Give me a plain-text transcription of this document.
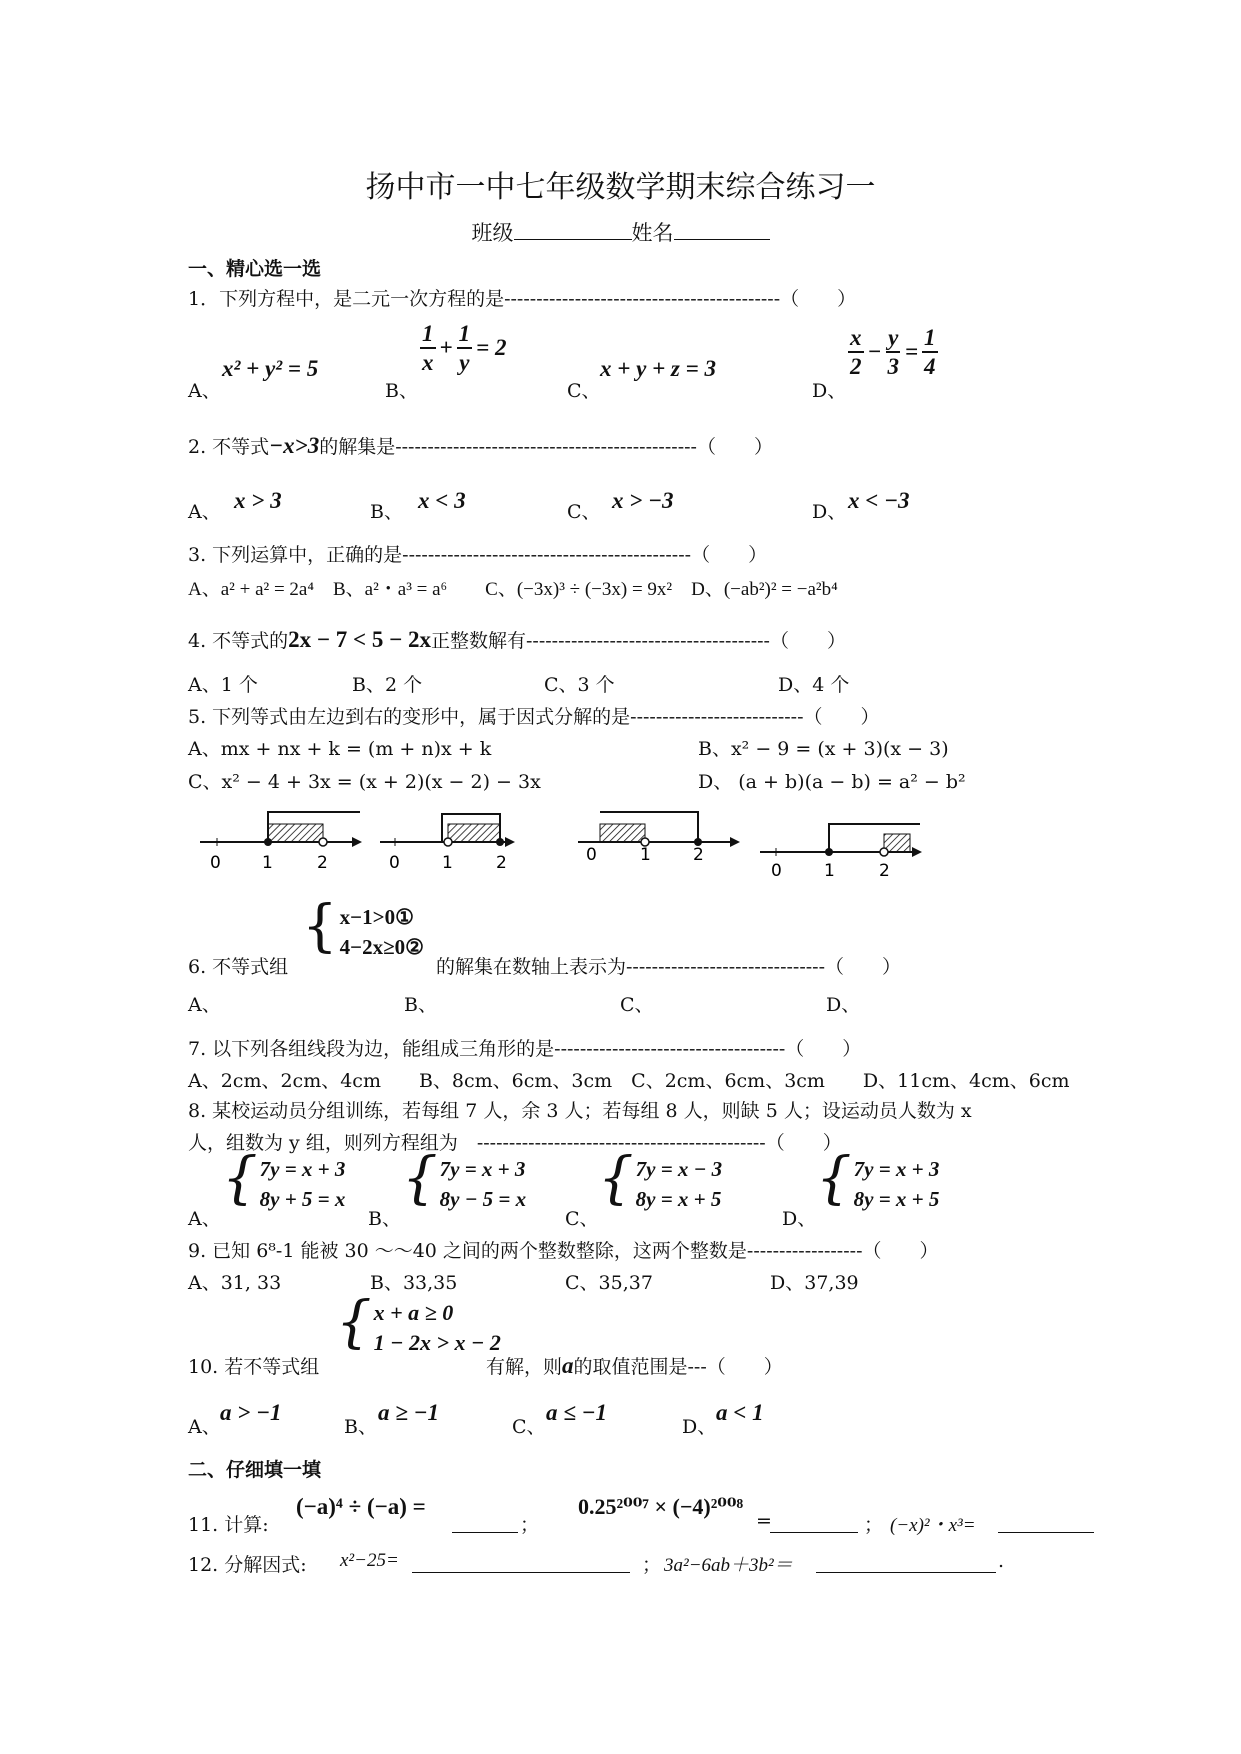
扬中市一中七年级数学期末综合练习一
班级	姓名
一、精心选一选
1．下列方程中，是二元一次方程的是-------------------------------------------（　　）
A、
x² + y² = 5
B、
$\frac{1}{x} + \frac{1}{y} = 2$
C、
x + y + z = 3
D、
$\frac{x}{2} - \frac{y}{3} = \frac{1}{4}$
2. 不等式−x>3的解集是-----------------------------------------------（　　）
A、 x > 3	B、 x < 3	C、 x > −3	D、 x < −3
3. 下列运算中，正确的是---------------------------------------------（　　）
A、a² + a² = 2a⁴　B、a²・a³ = a⁶　　C、(−3x)³ ÷ (−3x) = 9x²　D、(−ab²)² = −a²b⁴
4. 不等式的2x − 7 < 5 − 2x正整数解有--------------------------------------（　　）
A、1 个	B、2 个	C、3 个	D、4 个
5. 下列等式由左边到右的变形中，属于因式分解的是---------------------------（　　）
A、mx + nx + k = (m + n)x + k	B、x² − 9 = (x + 3)(x − 3)
C、x² − 4 + 3x = (x + 2)(x − 2) − 3x	D、 (a + b)(a − b) = a² − b²
0 1	2	0 1	2	0	1 2
0 1	2
6. 不等式组
{ x−1>0①
4−2x≥0②
的解集在数轴上表示为-------------------------------（　　）
A、	B、	C、	D、
7. 以下列各组线段为边，能组成三角形的是------------------------------------（　　）
A、2cm、2cm、4cm　　B、8cm、6cm、3cm　C、2cm、6cm、3cm　　D、11cm、4cm、6cm
8. 某校运动员分组训练，若每组 7 人，余 3 人；若每组 8 人，则缺 5 人；设运动员人数为 x
人，组数为 y 组，则列方程组为　---------------------------------------------（　　）
A、
{ 7y = x + 3
8y + 5 = x
B、
{ 7y = x + 3
8y − 5 = x
C、
{ 7y = x − 3
8y = x + 5
D、
{ 7y = x + 3
8y = x + 5
9. 已知 6⁸-1 能被 30 ～～40 之间的两个整数整除，这两个整数是------------------（　　）
A、31, 33	B、33,35	C、35,37	D、37,39
10. 若不等式组
{ x + a ≥ 0
1 − 2x > x − 2
有解，则a的取值范围是---（　　）
A、
a > −1
B、
a ≥ −1
C、
a ≤ −1
D、
a < 1
二、仔细填一填
11. 计算:
(−a)⁴ ÷ (−a) =
；
0.25²⁰⁰⁷ × (−4)²⁰⁰⁸
=	； (−x)²・x³=
12. 分解因式: x²−25=	； 3a²−6ab＋3b²＝	.
